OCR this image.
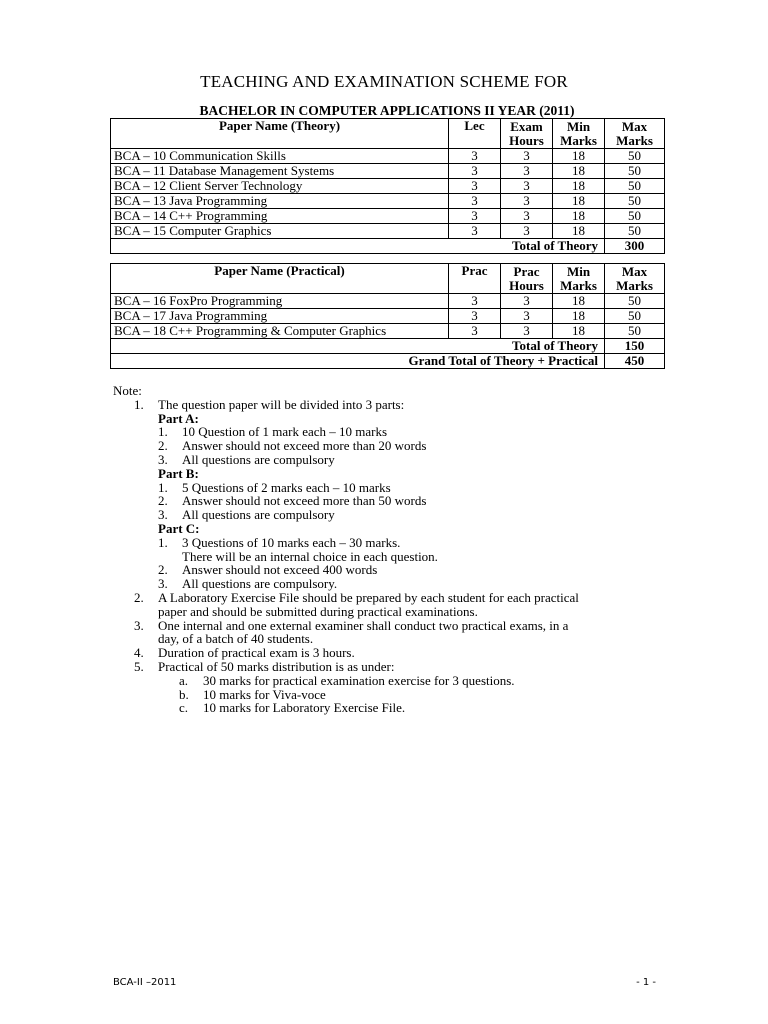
TEACHING AND EXAMINATION SCHEME FOR
BACHELOR IN COMPUTER APPLICATIONS II YEAR (2011)
Paper Name (Theory)	Lec	Exam Hours	Min Marks	Max Marks
BCA – 10 Communication Skills	3	3	18	50
BCA – 11 Database Management Systems	3	3	18	50
BCA – 12 Client Server Technology	3	3	18	50
BCA – 13 Java Programming	3	3	18	50
BCA – 14 C++ Programming	3	3	18	50
BCA – 15 Computer Graphics	3	3	18	50
Total of Theory				300
Paper Name (Practical)	Prac	Prac Hours	Min Marks	Max Marks
BCA – 16 FoxPro Programming	3	3	18	50
BCA – 17 Java Programming	3	3	18	50
BCA – 18 C++ Programming & Computer Graphics	3	3	18	50
Total of Theory				150
Grand Total of Theory + Practical				450

Note:

1. The question paper will be divided into 3 parts:
Part A:
1. 10 Question of 1 mark each – 10 marks
2. Answer should not exceed more than 20 words
3. All questions are compulsory
Part B:
1. 5 Questions of 2 marks each – 10 marks
2. Answer should not exceed more than 50 words
3. All questions are compulsory
Part C:
1. 3 Questions of 10 marks each – 30 marks.
There will be an internal choice in each question.
2. Answer should not exceed 400 words
3. All questions are compulsory.
2. A Laboratory Exercise File should be prepared by each student for each practical
paper and should be submitted during practical examinations.
3. One internal and one external examiner shall conduct two practical exams, in a
day, of a batch of 40 students.
4. Duration of practical exam is 3 hours.
5. Practical of 50 marks distribution is as under:
a. 30 marks for practical examination exercise for 3 questions.
b. 10 marks for Viva-voce
c. 10 marks for Laboratory Exercise File.
BCA-II –2011	- 1 -
